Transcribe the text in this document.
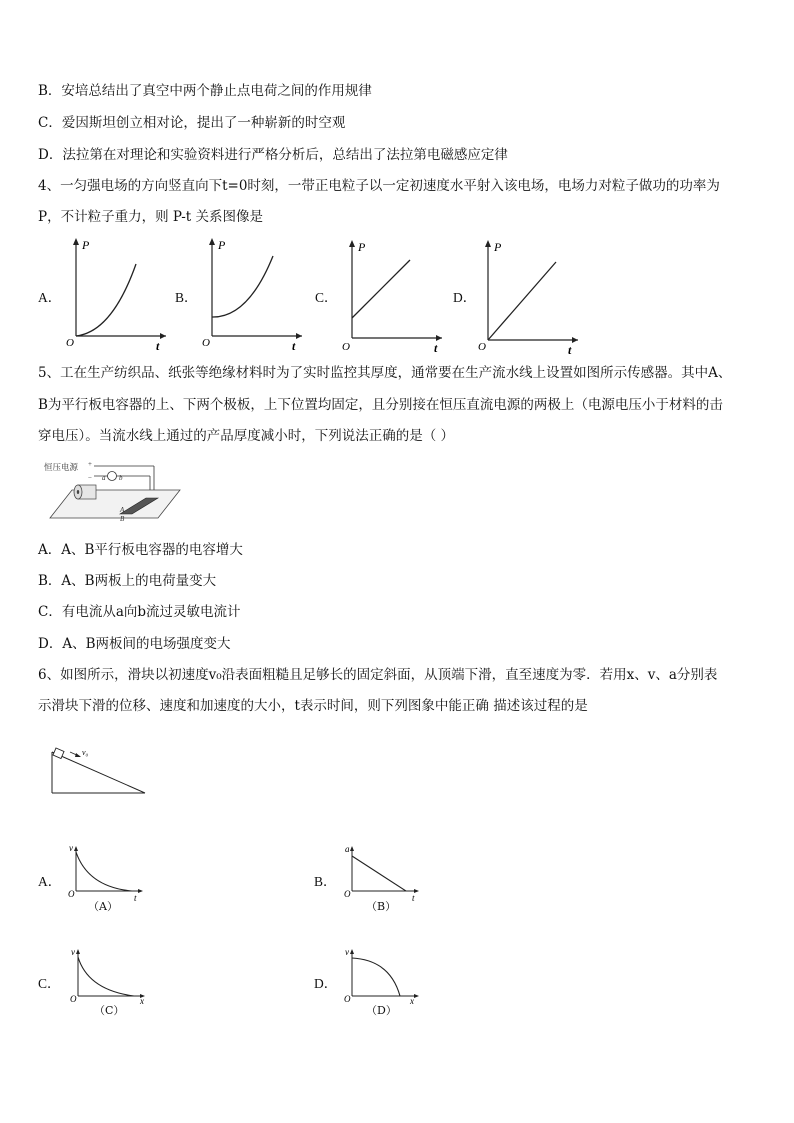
B．安培总结出了真空中两个静止点电荷之间的作用规律
C．爱因斯坦创立相对论，提出了一种崭新的时空观
D．法拉第在对理论和实验资料进行严格分析后，总结出了法拉第电磁感应定律
4、一匀强电场的方向竖直向下t=0时刻，一带正电粒子以一定初速度水平射入该电场，电场力对粒子做功的功率为
P，不计粒子重力，则 P-t 关系图像是
A．
P
t
O
B．
P
t
O
C．
P
t
O
D．
P
t
O
5、工在生产纺织品、纸张等绝缘材料时为了实时监控其厚度，通常要在生产流水线上设置如图所示传感器。其中A、
B为平行板电容器的上、下两个极板，上下位置均固定，且分别接在恒压直流电源的两极上（电源电压小于材料的击
穿电压）。当流水线上通过的产品厚度减小时，下列说法正确的是（ ）
恒压电源 +
− a b
A
B
A．A、B平行板电容器的电容增大
B．A、B两板上的电荷量变大
C．有电流从a向b流过灵敏电流计
D．A、B两板间的电场强度变大
6、如图所示，滑块以初速度v₀沿表面粗糙且足够长的固定斜面，从顶端下滑，直至速度为零．若用x、v、a分别表
示滑块下滑的位移、速度和加速度的大小，t表示时间，则下列图象中能正确 描述该过程的是
v₀
A．
v
t
O
（A）
B．
a
t
O
（B）
C．
v
x
O
（C）
D．
v
x
O
（D）
